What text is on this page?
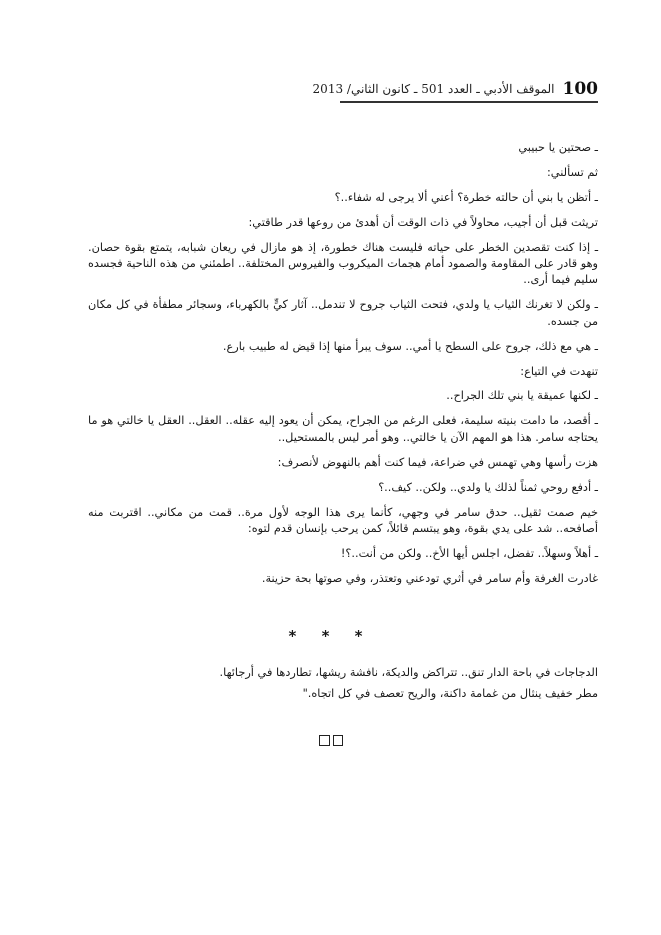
100
الموقف الأدبي ـ العدد 501 ـ كانون الثاني/ 2013

ـ صحتين يا حبيبي

ثم تسألني:

ـ أتظن يا بني أن حالته خطرة؟ أعني ألا يرجى له شفاء..؟

تريثت قبل أن أجيب، محاولاً في ذات الوقت أن أهدئ من روعها قدر طاقتي:

ـ إذا كنت تقصدين الخطر على حياته فليست هناك خطورة، إذ هو مازال في ريعان شبابه، يتمتع بقوة حصان. وهو قادر على المقاومة والصمود أمام هجمات الميكروب والفيروس المختلفة.. اطمئني من هذه الناحية فجسده سليم فيما أرى..

ـ ولكن لا تغرنك الثياب يا ولدي، فتحت الثياب جروح لا تندمل.. آثار كيٍّ بالكهرباء، وسجائر مطفأة في كل مكان من جسده.

ـ هي مع ذلك، جروح على السطح يا أمي.. سوف يبرأ منها إذا قيض له طبيب بارع.

تنهدت في التياع:

ـ لكنها عميقة يا بني تلك الجراح..

ـ أقصد، ما دامت بنيته سليمة، فعلى الرغم من الجراح، يمكن أن يعود إليه عقله.. العقل.. العقل يا خالتي هو ما يحتاجه سامر. هذا هو المهم الآن يا خالتي.. وهو أمر ليس بالمستحيل..

هزت رأسها وهي تهمس في ضراعة، فيما كنت أهم بالنهوض لأنصرف:

ـ أدفع روحي ثمناً لذلك يا ولدي.. ولكن.. كيف..؟

خيم صمت ثقيل.. حدق سامر في وجهي، كأنما يرى هذا الوجه لأول مرة.. قمت من مكاني.. اقتربت منه أصافحه.. شد على يدي بقوة، وهو يبتسم قائلاً، كمن يرحب بإنسان قدم لتوه:

ـ أهلاً وسهلاً.. تفضل، اجلس أيها الأخ.. ولكن من أنت..؟!

غادرت الغرفة وأم سامر في أثري تودعني وتعتذر، وفي صوتها بحة حزينة.

* * *

الدجاجات في باحة الدار تنق.. تتراكض والديكة، نافشة ريشها، تطاردها في أرجائها.

مطر خفيف ينثال من غمامة داكنة، والريح تعصف في كل اتجاه."
